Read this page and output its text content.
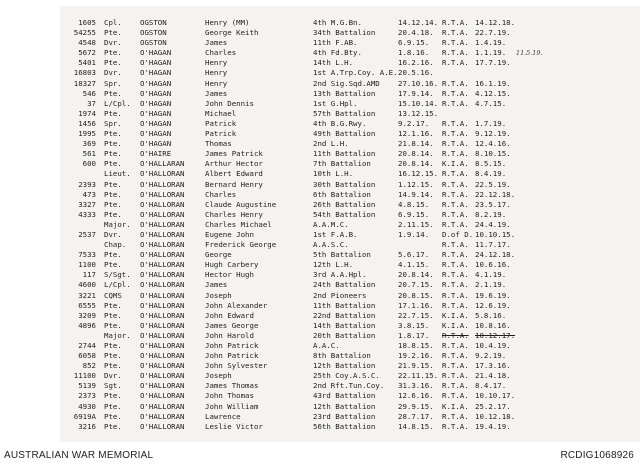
1605 Cpl. OGSTON	Henry (MM)	4th M.G.Bn.	14.12.14. R.T.A. 14.12.18.
54255 Pte. OGSTON	George Keith	34th Battalion	20.4.18. R.T.A. 22.7.19.
4548 Dvr. OGSTON	James	11th F.AB.	6.9.15. R.T.A. 1.4.19.
5672 Pte. O'HAGAN	Charles	4th Fd.Bty.	1.8.16. R.T.A. 1.1.19. 11.5.19.
5401 Pte. O'HAGAN	Henry	14th L.H.	16.2.16. R.T.A. 17.7.19.
16803 Dvr. O'HAGAN	Henry	1st A.Trp.Coy. A.E. 20.5.16.
18327 Spr. O'HAGAN	Henry	2nd Sig.Sqd.AMD 27.10.16. R.T.A. 16.1.19.
546 Pte. O'HAGAN	James	13th Battalion	17.9.14. R.T.A. 4.12.15.
37 L/Cpl. O'HAGAN	John Dennis	1st G.Hpl.	15.10.14. R.T.A. 4.7.15.
1974 Pte. O'HAGAN	Michael	57th Battalion	13.12.15.
1456 Spr. O'HAGAN	Patrick	4th B.G.Rwy.	9.2.17. R.T.A. 1.7.19.
1995 Pte. O'HAGAN	Patrick	49th Battalion	12.1.16. R.T.A. 9.12.19.
369 Pte. O'HAGAN	Thomas	2nd L.H.	21.8.14. R.T.A. 12.4.16.
561 Pte. O'HAIRE	James Patrick	11th Battalion	20.8.14. R.T.A. 8.10.15.
600 Pte. O'HALLARAN	Arthur Hector	7th Battalion	20.8.14. K.I.A. 8.5.15.
Lieut. O'HALLORAN	Albert Edward	10th L.H.	16.12.15. R.T.A. 8.4.19.
2393 Pte. O'HALLORAN	Bernard Henry	30th Battalion	1.12.15. R.T.A. 22.5.19.
473 Pte. O'HALLORAN	Charles	6th Battalion	14.9.14. R.T.A. 22.12.18.
3327 Pte. O'HALLORAN	Claude Augustine	26th Battalion	4.8.15. R.T.A. 23.5.17.
4333 Pte. O'HALLORAN	Charles Henry	54th Battalion	6.9.15. R.T.A. 8.2.19.
Major. O'HALLORAN	Charles Michael	A.A.M.C.	2.11.15. R.T.A. 24.4.19.
2537 Dvr. O'HALLORAN	Eugene John	1st F.A.B.	1.9.14. D.of D. 10.10.15.
Chap. O'HALLORAN	Frederick George	A.A.S.C.	R.T.A. 11.7.17.
7533 Pte. O'HALLORAN	George	5th Battalion	5.6.17. R.T.A. 24.12.18.
1100 Pte. O'HALLORAN	Hugh Carbery	12th L.H.	4.1.15. R.T.A. 10.6.16.
117 S/Sgt. O'HALLORAN	Hector Hugh	3rd A.A.Hpl.	20.8.14. R.T.A. 4.1.19.
4600 L/Cpl. O'HALLORAN	James	24th Battalion	20.7.15. R.T.A. 2.1.19.
3221 CQMS O'HALLORAN	Joseph	2nd Pioneers	20.8.15. R.T.A. 19.6.19.
6555 Pte. O'HALLORAN	John Alexander	11th Battalion	17.1.16. R.T.A. 12.6.19.
3209 Pte. O'HALLORAN	John Edward	22nd Battalion	22.7.15. K.I.A. 5.8.16.
4896 Pte. O'HALLORAN	James George	14th Battalion	3.8.15. K.I.A. 10.8.16.
Major. O'HALLORAN	John Harold	20th Battalion	1.8.17. R.T.A. 10.12.17.
2744 Pte. O'HALLORAN	John Patrick	A.A.C.	18.8.15. R.T.A. 10.4.19.
6058 Pte. O'HALLORAN	John Patrick	8th Battalion	19.2.16. R.T.A. 9.2.19.
852 Pte. O'HALLORAN	John Sylvester	12th Battalion	21.9.15. R.T.A. 17.3.16.
11100 Dvr. O'HALLORAN	Joseph	25th Coy.A.S.C. 22.11.15. R.T.A. 21.4.18.
5139 Sgt. O'HALLORAN	James Thomas	2nd Rft.Tun.Coy. 31.3.16. R.T.A. 8.4.17.
2373 Pte. O'HALLORAN	John Thomas	43rd Battalion	12.6.16. R.T.A. 10.10.17.
4930 Pte. O'HALLORAN	John William	12th Battalion	29.9.15. K.I.A. 25.2.17.
6919A Pte. O'HALLORAN	Lawrence	23rd Battalion	28.7.17. R.T.A. 10.12.18.
3216 Pte. O'HALLORAN	Leslie Victor	56th Battalion	14.8.15. R.T.A. 19.4.19.
AUSTRALIAN WAR MEMORIAL	RCDIG1068926
